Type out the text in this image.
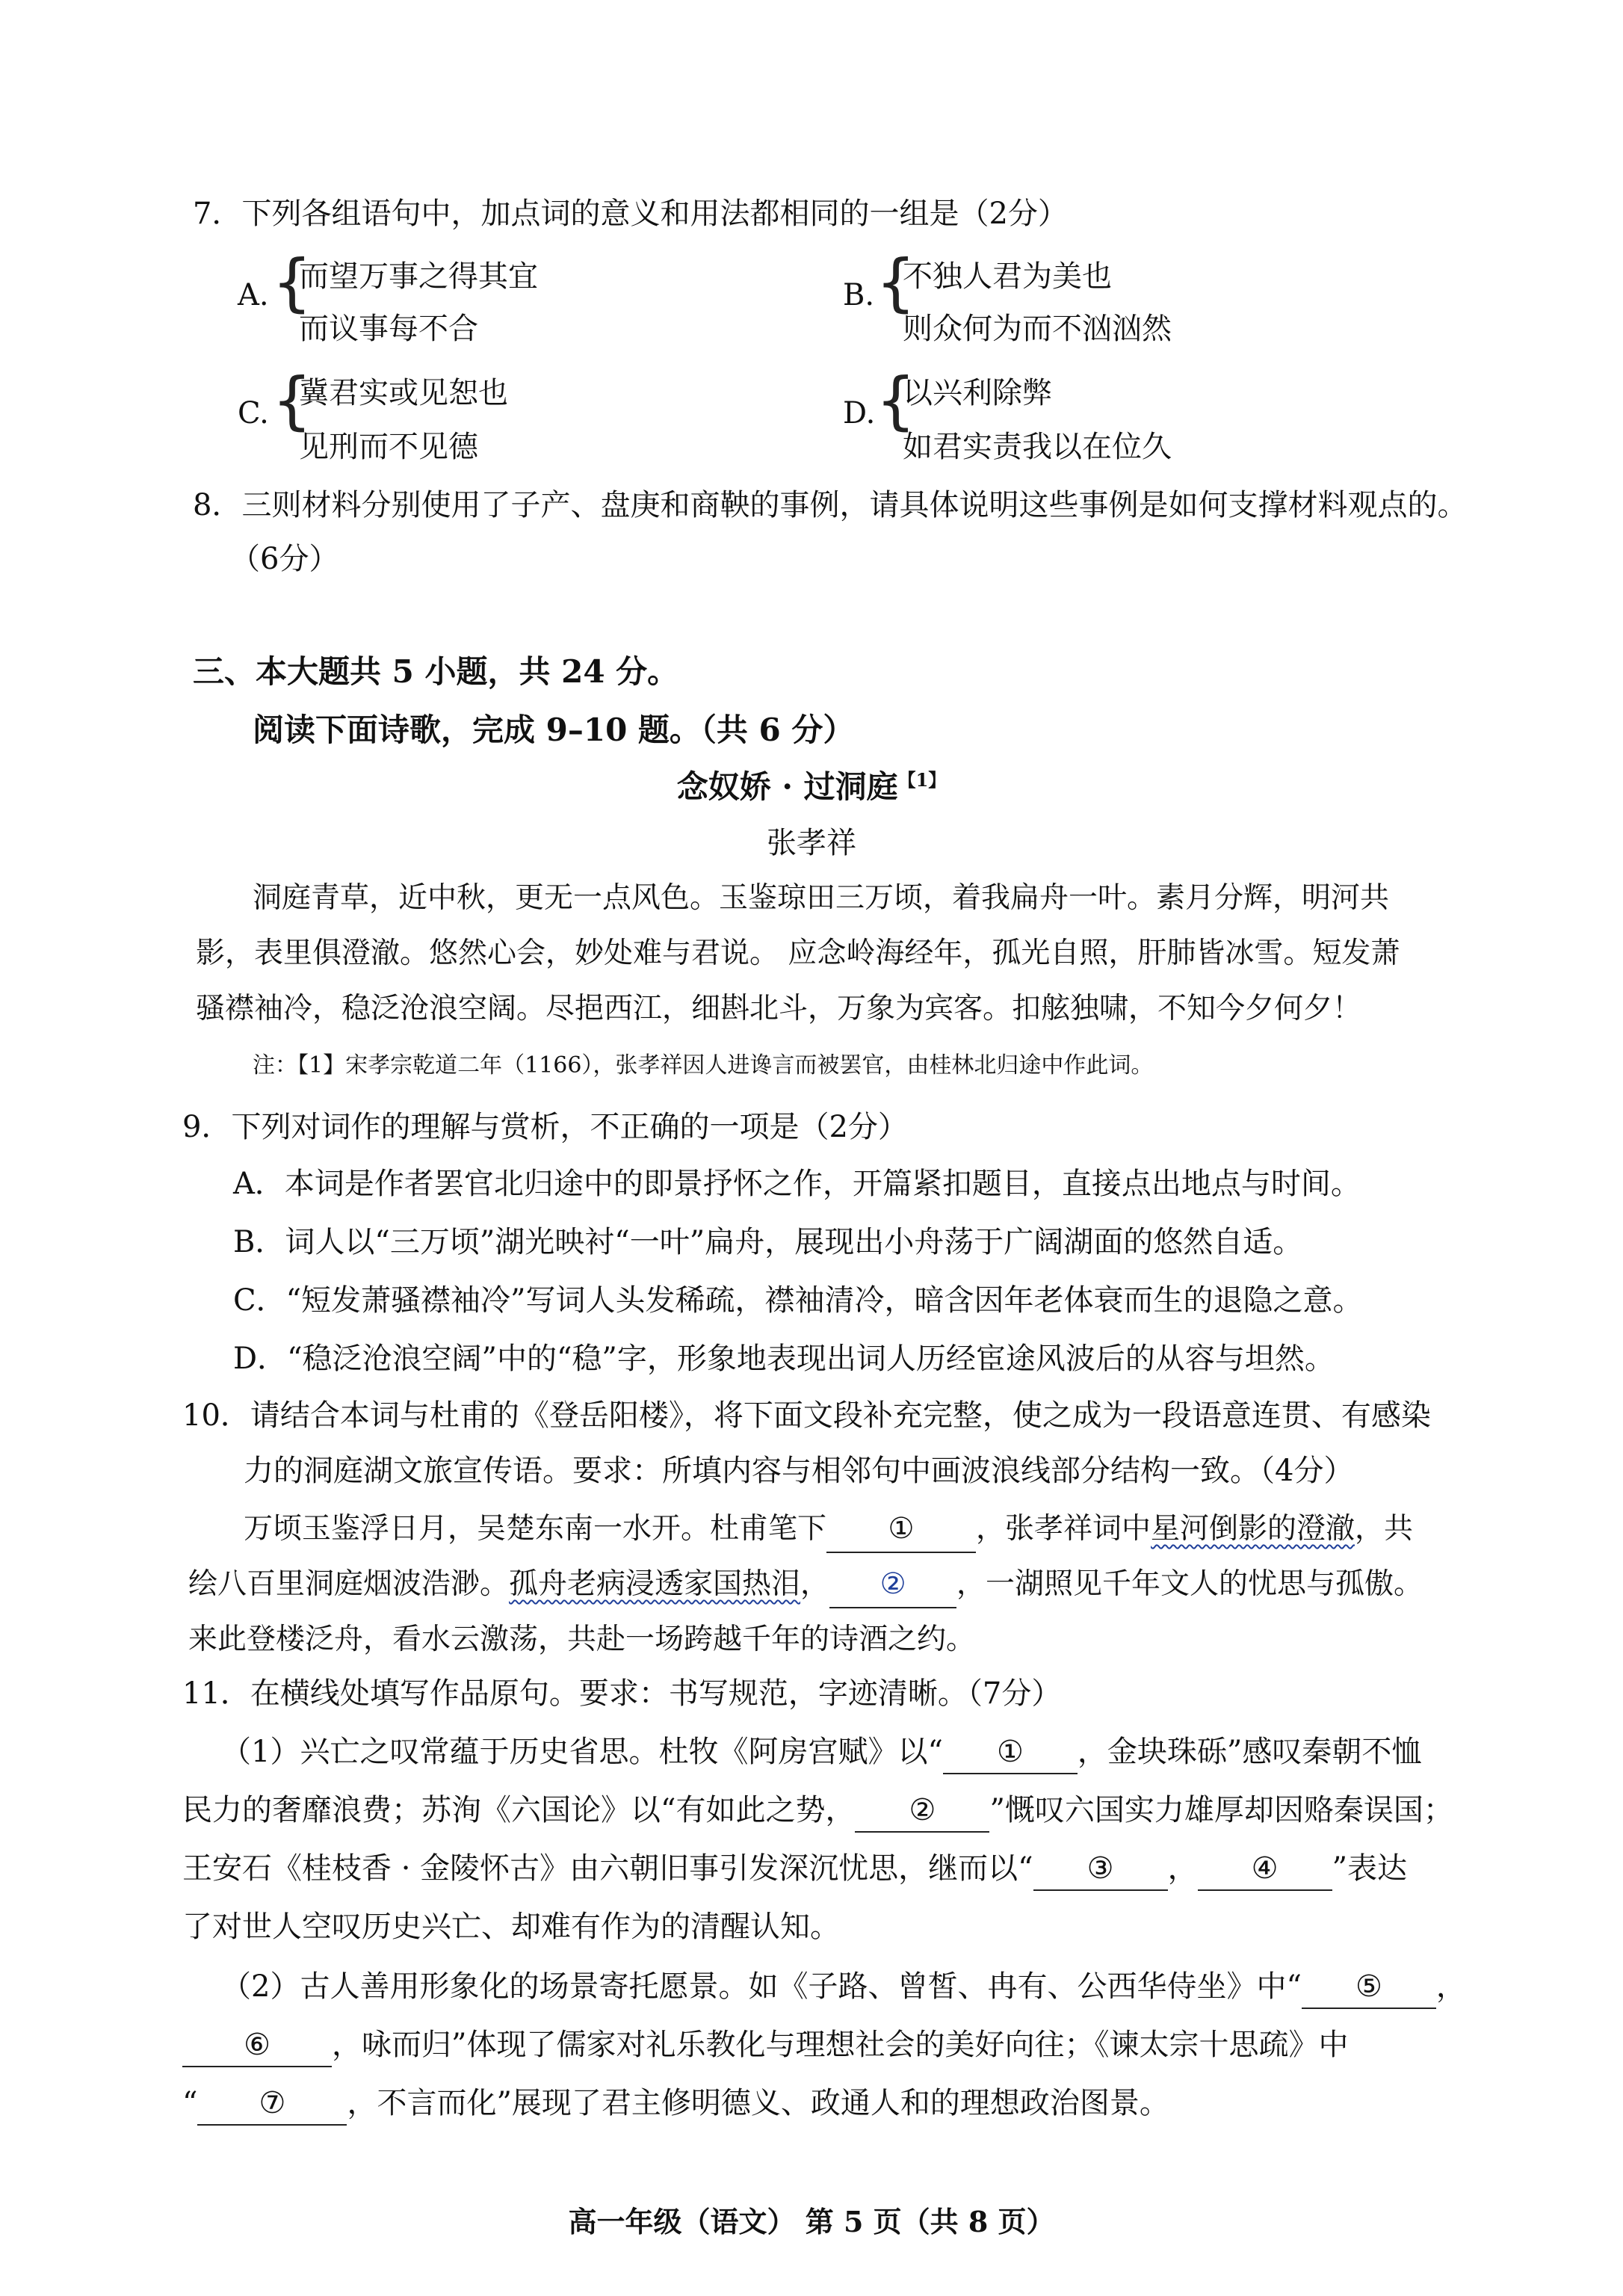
7．下列各组语句中，加点词的意义和用法都相同的一组是（2分）
A. {
而望万事之得其宜
而议事每不合
B. {
不独人君为美也
则众何为而不汹汹然
C. {
冀君实或见恕也
见刑而不见德
D. {
以兴利除弊
如君实责我以在位久
8．三则材料分别使用了子产、盘庚和商鞅的事例，请具体说明这些事例是如何支撑材料观点的。
（6分）
三、本大题共 5 小题，共 24 分。
阅读下面诗歌，完成 9–10 题。（共 6 分）
念奴娇 · 过洞庭$^{【1】}$
张孝祥
洞庭青草，近中秋，更无一点风色。玉鉴琼田三万顷，着我扁舟一叶。素月分辉，明河共
影，表里俱澄澈。悠然心会，妙处难与君说。 应念岭海经年，孤光自照，肝肺皆冰雪。短发萧
骚襟袖冷，稳泛沧浪空阔。尽挹西江，细斟北斗，万象为宾客。扣舷独啸，不知今夕何夕！
注：【1】宋孝宗乾道二年（1166），张孝祥因人进谗言而被罢官，由桂林北归途中作此词。
9．下列对词作的理解与赏析，不正确的一项是（2分）
A．本词是作者罢官北归途中的即景抒怀之作，开篇紧扣题目，直接点出地点与时间。
B．词人以“三万顷”湖光映衬“一叶”扁舟，展现出小舟荡于广阔湖面的悠然自适。
C．“短发萧骚襟袖冷”写词人头发稀疏，襟袖清冷，暗含因年老体衰而生的退隐之意。
D．“稳泛沧浪空阔”中的“稳”字，形象地表现出词人历经宦途风波后的从容与坦然。
10．请结合本词与杜甫的《登岳阳楼》，将下面文段补充完整，使之成为一段语意连贯、有感染
力的洞庭湖文旅宣传语。要求：所填内容与相邻句中画波浪线部分结构一致。（4分）
万顷玉鉴浮日月，吴楚东南一水开。杜甫笔下 ① ，张孝祥词中星河倒影的澄澈，共
绘八百里洞庭烟波浩渺。孤舟老病浸透家国热泪， ② ，一湖照见千年文人的忧思与孤傲。
来此登楼泛舟，看水云激荡，共赴一场跨越千年的诗酒之约。
11．在横线处填写作品原句。要求：书写规范，字迹清晰。（7分）
（1）兴亡之叹常蕴于历史省思。杜牧《阿房宫赋》以“ ① ，金块珠砾”感叹秦朝不恤
民力的奢靡浪费；苏洵《六国论》以“有如此之势， ② ”慨叹六国实力雄厚却因赂秦误国；
王安石《桂枝香 · 金陵怀古》由六朝旧事引发深沉忧思，继而以“ ③ ， ④ ”表达
了对世人空叹历史兴亡、却难有作为的清醒认知。
（2）古人善用形象化的场景寄托愿景。如《子路、曾皙、冉有、公西华侍坐》中“ ⑤ ，
⑥ ，咏而归”体现了儒家对礼乐教化与理想社会的美好向往；《谏太宗十思疏》中
“ ⑦ ，不言而化”展现了君主修明德义、政通人和的理想政治图景。
高一年级（语文） 第 5 页（共 8 页）
